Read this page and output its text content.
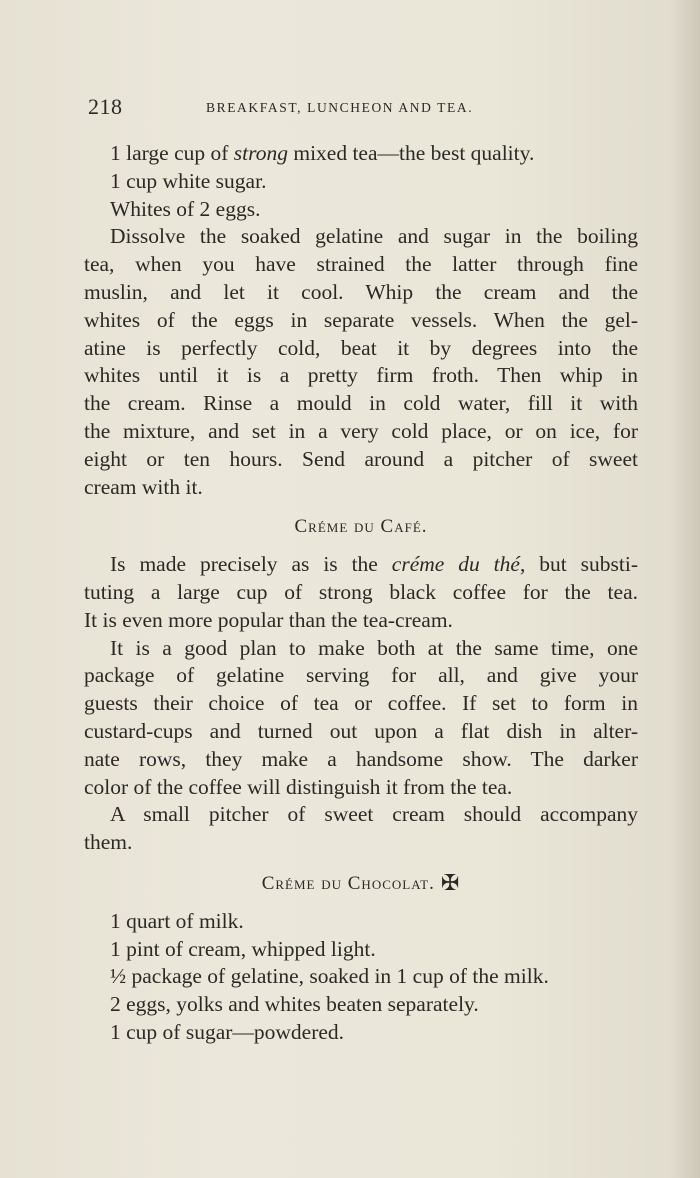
218	BREAKFAST, LUNCHEON AND TEA.
1 large cup of strong mixed tea—the best quality.
1 cup white sugar.
Whites of 2 eggs.
Dissolve the soaked gelatine and sugar in the boiling
tea, when you have strained the latter through fine
muslin, and let it cool. Whip the cream and the
whites of the eggs in separate vessels. When the gel-
atine is perfectly cold, beat it by degrees into the
whites until it is a pretty firm froth. Then whip in
the cream. Rinse a mould in cold water, fill it with
the mixture, and set in a very cold place, or on ice, for
eight or ten hours. Send around a pitcher of sweet
cream with it.
Créme du Café.
Is made precisely as is the créme du thé, but substi-
tuting a large cup of strong black coffee for the tea.
It is even more popular than the tea-cream.
It is a good plan to make both at the same time, one
package of gelatine serving for all, and give your
guests their choice of tea or coffee. If set to form in
custard-cups and turned out upon a flat dish in alter-
nate rows, they make a handsome show. The darker
color of the coffee will distinguish it from the tea.
A small pitcher of sweet cream should accompany
them.
Créme du Chocolat. ✠
1 quart of milk.
1 pint of cream, whipped light.
½ package of gelatine, soaked in 1 cup of the milk.
2 eggs, yolks and whites beaten separately.
1 cup of sugar—powdered.
